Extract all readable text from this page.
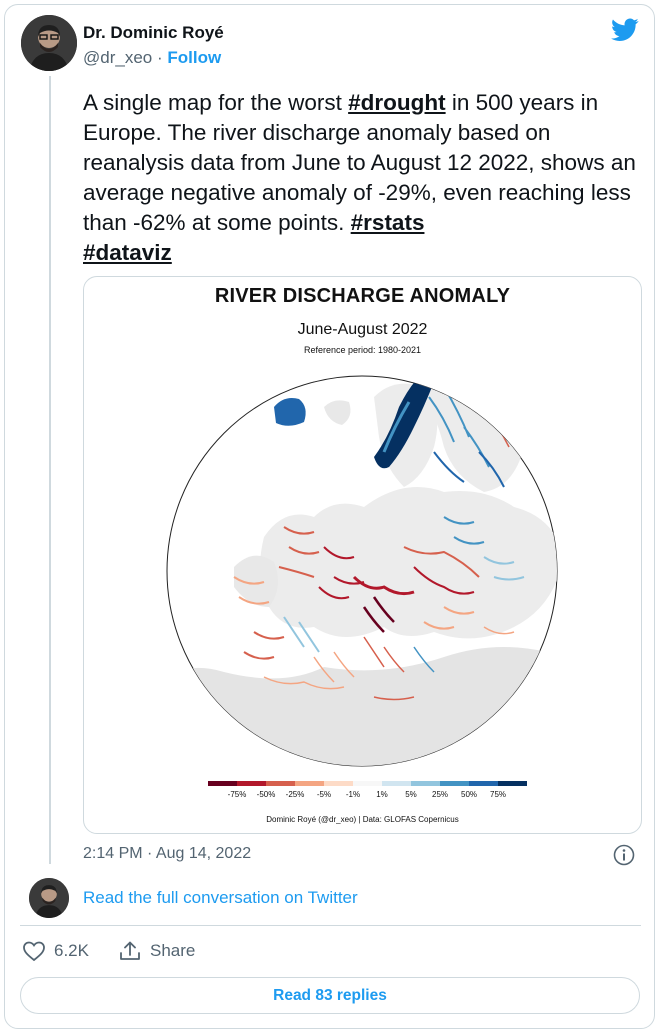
Dr. Dominic Royé
@dr_xeo · Follow
A single map for the worst #drought in 500 years in Europe. The river discharge anomaly based on reanalysis data from June to August 12 2022, shows an average negative anomaly of -29%, even reaching less than -62% at some points. #rstats
#dataviz
RIVER DISCHARGE ANOMALY
June-August 2022
Reference period: 1980-2021
-75% -50% -25% -5% -1% 1% 5% 25% 50% 75%
Dominic Royé (@dr_xeo) | Data: GLOFAS Copernicus
2:14 PM · Aug 14, 2022
Read the full conversation on Twitter
6.2K	Share
Read 83 replies
